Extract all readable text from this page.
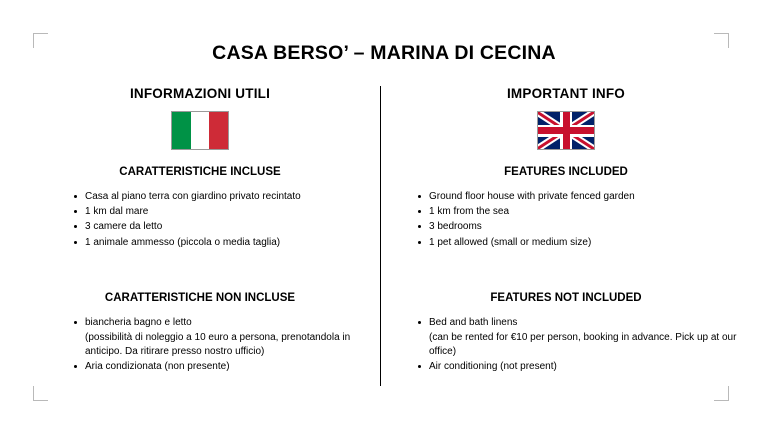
CASA BERSO’ – MARINA DI CECINA
INFORMAZIONI UTILI
CARATTERISTICHE INCLUSE
Casa al piano terra con giardino privato recintato
1 km dal mare
3 camere da letto
1 animale ammesso (piccola o media taglia)
CARATTERISTICHE NON INCLUSE
biancheria bagno e letto
(possibilità di noleggio a 10 euro a persona, prenotandola in anticipo. Da ritirare presso nostro ufficio)
Aria condizionata (non presente)
IMPORTANT INFO
FEATURES INCLUDED
Ground floor house with private fenced garden
1 km from the sea
3 bedrooms
1 pet allowed (small or medium size)
FEATURES NOT INCLUDED
Bed and bath linens
(can be rented for €10 per person, booking in advance. Pick up at our office)
Air conditioning (not present)
